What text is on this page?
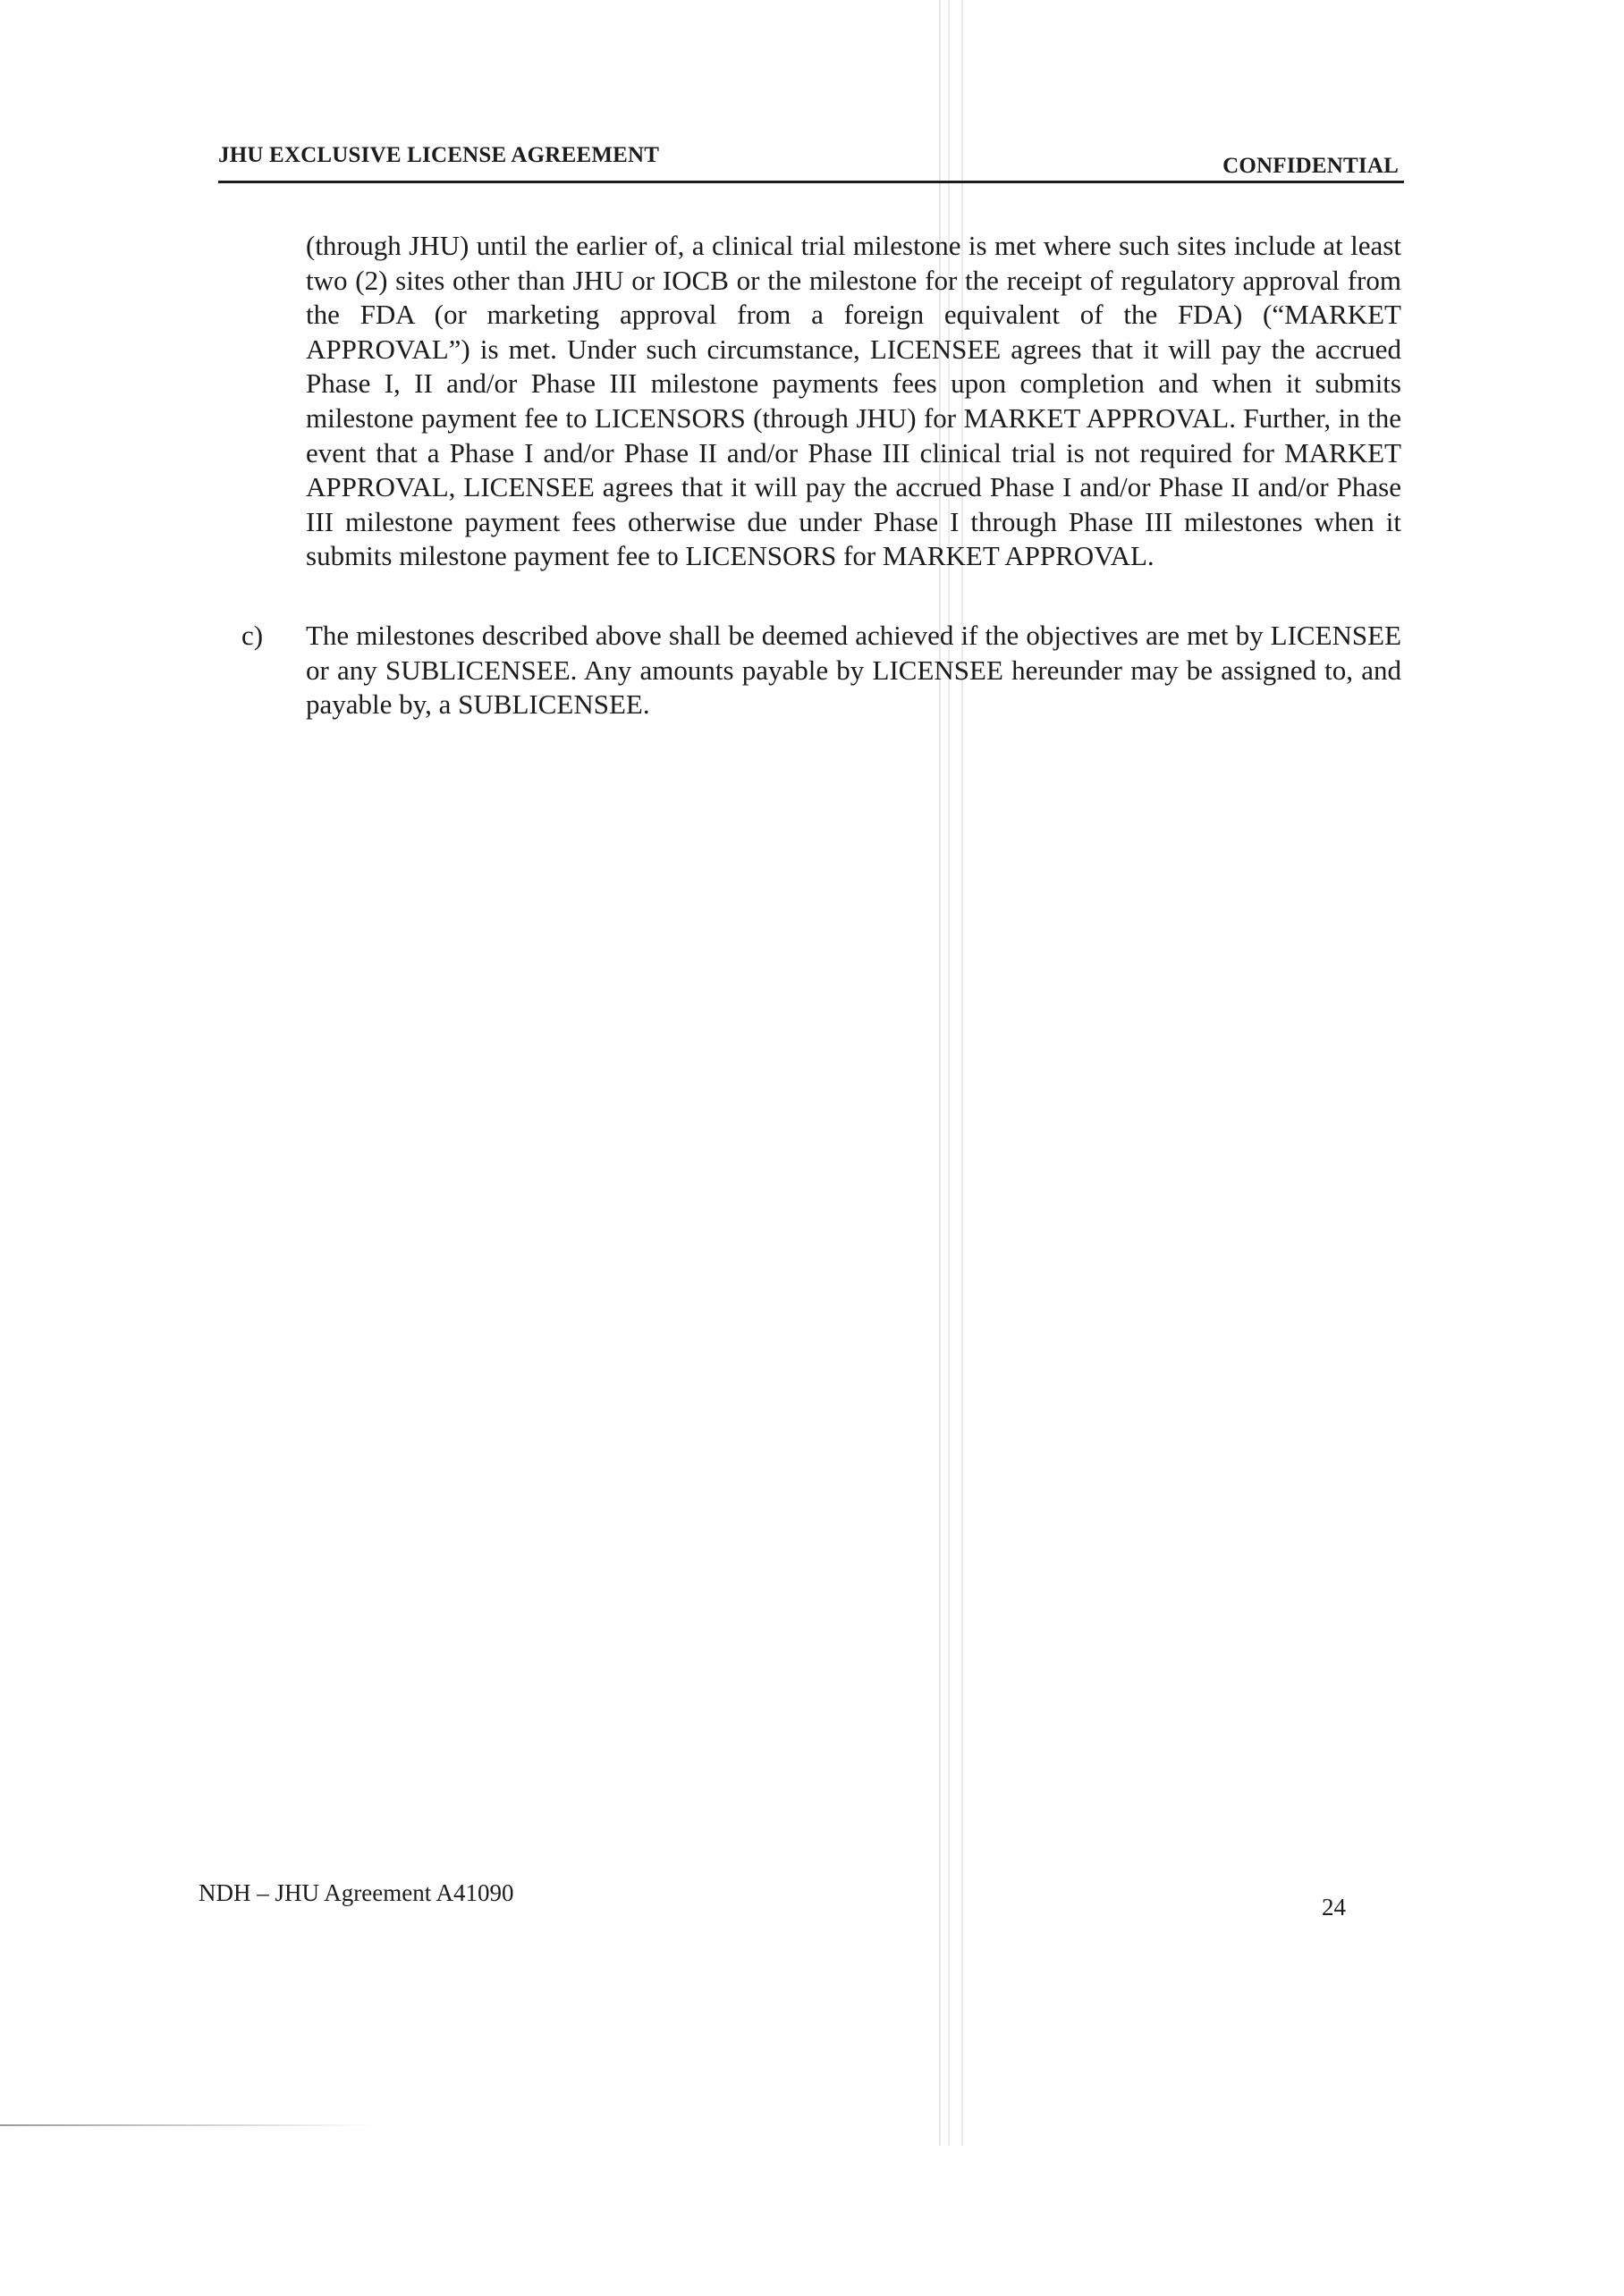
JHU EXCLUSIVE LICENSE AGREEMENT	CONFIDENTIAL
(through JHU) until the earlier of, a clinical trial milestone is met where such sites include at least two (2) sites other than JHU or IOCB or the milestone for the receipt of regulatory approval from the FDA (or marketing approval from a foreign equivalent of the FDA) (“MARKET APPROVAL”) is met. Under such circumstance, LICENSEE agrees that it will pay the accrued Phase I, II and/or Phase III milestone payments fees upon completion and when it submits milestone payment fee to LICENSORS (through JHU) for MARKET APPROVAL. Further, in the event that a Phase I and/or Phase II and/or Phase III clinical trial is not required for MARKET APPROVAL, LICENSEE agrees that it will pay the accrued Phase I and/or Phase II and/or Phase III milestone payment fees otherwise due under Phase I through Phase III milestones when it submits milestone payment fee to LICENSORS for MARKET APPROVAL.
c) The milestones described above shall be deemed achieved if the objectives are met by LICENSEE or any SUBLICENSEE. Any amounts payable by LICENSEE hereunder may be assigned to, and payable by, a SUBLICENSEE.
NDH – JHU Agreement A41090
24
